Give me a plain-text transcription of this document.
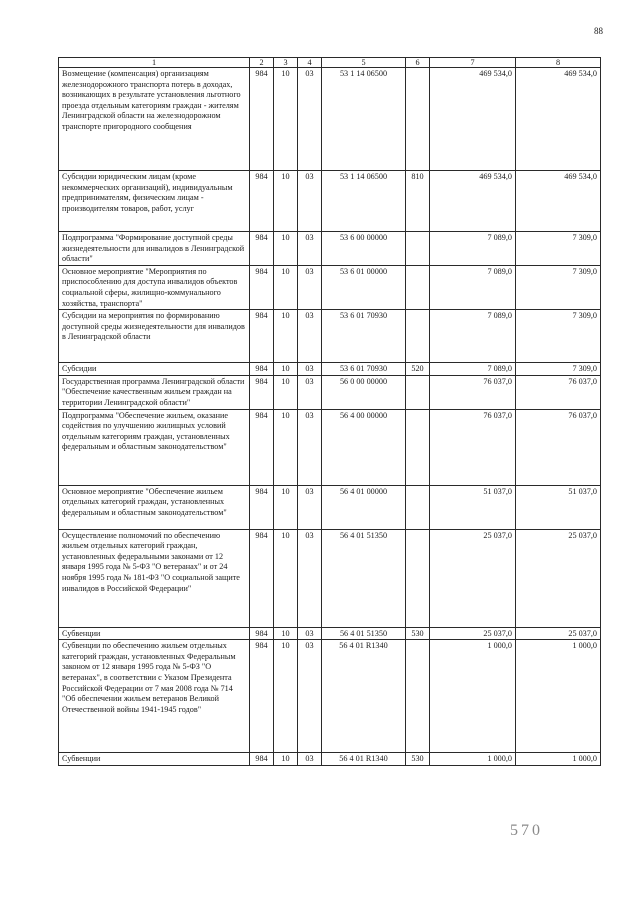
88
1	2	3	4	5	6	7	8
Возмещение (компенсация) организациям железнодорожного транспорта потерь в доходах, возникающих в результате установления льготного проезда отдельным категориям граждан - жителям Ленинградской области на железнодорожном транспорте пригородного сообщения	984	10	03	53 1 14 06500		469 534,0	469 534,0
Субсидии юридическим лицам (кроме некоммерческих организаций), индивидуальным предпринимателям, физическим лицам - производителям товаров, работ, услуг	984	10	03	53 1 14 06500	810	469 534,0	469 534,0
Подпрограмма "Формирование доступной среды жизнедеятельности для инвалидов в Ленинградской области"	984	10	03	53 6 00 00000		7 089,0	7 309,0
Основное мероприятие "Мероприятия по приспособлению для доступа инвалидов объектов социальной сферы, жилищно-коммунального хозяйства, транспорта"	984	10	03	53 6 01 00000		7 089,0	7 309,0
Субсидии на мероприятия по формированию доступной среды жизнедеятельности для инвалидов в Ленинградской области	984	10	03	53 6 01 70930		7 089,0	7 309,0
Субсидии	984	10	03	53 6 01 70930	520	7 089,0	7 309,0
Государственная программа Ленинградской области "Обеспечение качественным жильем граждан на территории Ленинградской области"	984	10	03	56 0 00 00000		76 037,0	76 037,0
Подпрограмма "Обеспечение жильем, оказание содействия по улучшению жилищных условий отдельным категориям граждан, установленных федеральным и областным законодательством"	984	10	03	56 4 00 00000		76 037,0	76 037,0
Основное мероприятие "Обеспечение жильем отдельных категорий граждан, установленных федеральным и областным законодательством"	984	10	03	56 4 01 00000		51 037,0	51 037,0
Осуществление полномочий по обеспечению жильем отдельных категорий граждан, установленных федеральными законами от 12 января 1995 года № 5-ФЗ "О ветеранах" и от 24 ноября 1995 года № 181-ФЗ "О социальной защите инвалидов в Российской Федерации"	984	10	03	56 4 01 51350		25 037,0	25 037,0
Субвенции	984	10	03	56 4 01 51350	530	25 037,0	25 037,0
Субвенции по обеспечению жильем отдельных категорий граждан, установленных Федеральным законом от 12 января 1995 года № 5-ФЗ "О ветеранах", в соответствии с Указом Президента Российской Федерации от 7 мая 2008 года № 714 "Об обеспечении жильем ветеранов Великой Отечественной войны 1941-1945 годов"	984	10	03	56 4 01 R1340		1 000,0	1 000,0
Субвенции	984	10	03	56 4 01 R1340	530	1 000,0	1 000,0
570
